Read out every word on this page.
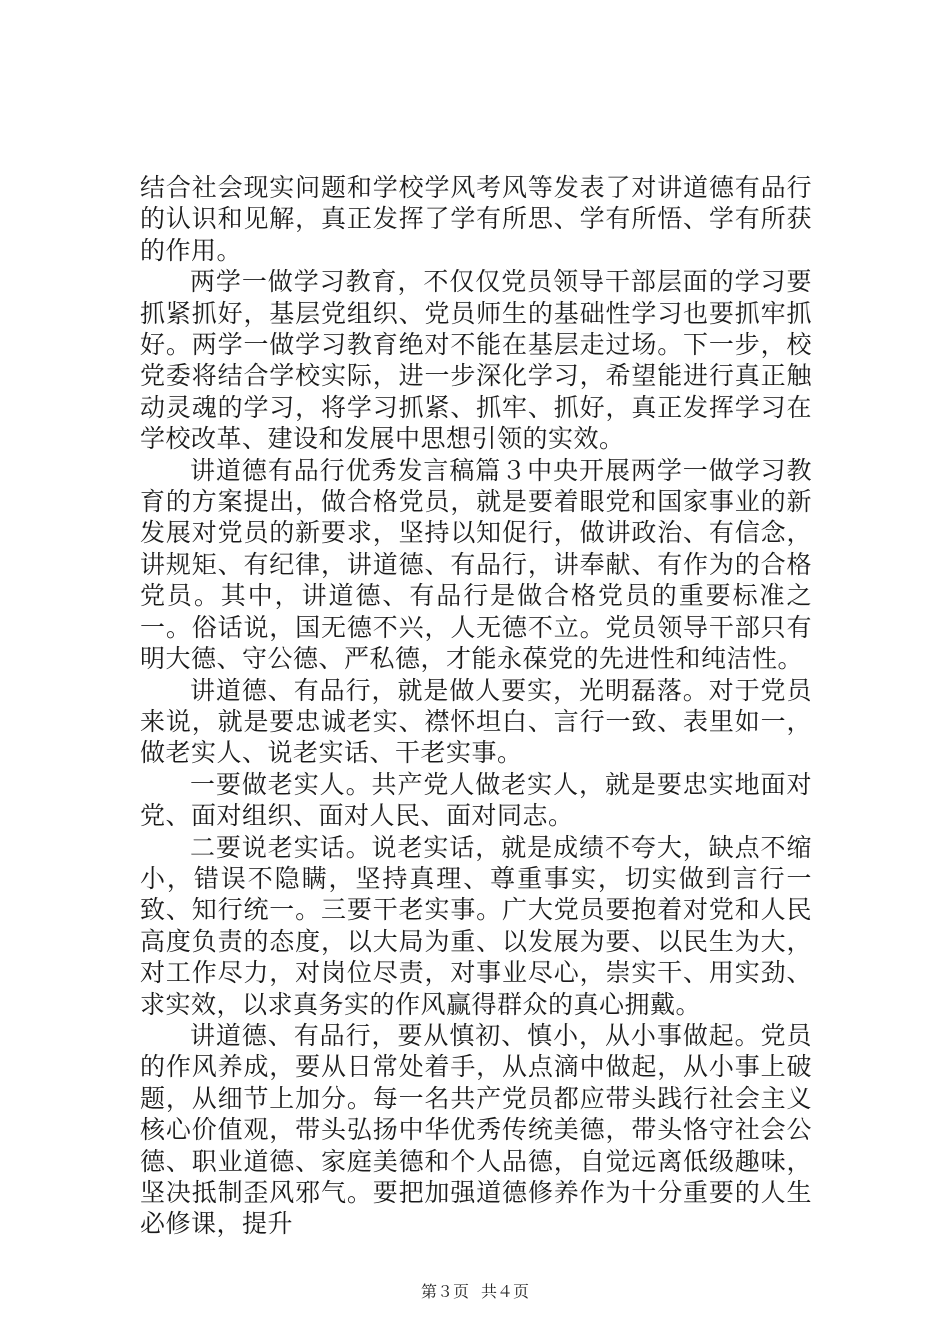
结合社会现实问题和学校学风考风等发表了对讲道德有品行的认识和见解，真正发挥了学有所思、学有所悟、学有所获的作用。

两学一做学习教育，不仅仅党员领导干部层面的学习要抓紧抓好，基层党组织、党员师生的基础性学习也要抓牢抓好。两学一做学习教育绝对不能在基层走过场。下一步，校党委将结合学校实际，进一步深化学习，希望能进行真正触动灵魂的学习，将学习抓紧、抓牢、抓好，真正发挥学习在学校改革、建设和发展中思想引领的实效。

讲道德有品行优秀发言稿篇３中央开展两学一做学习教育的方案提出，做合格党员，就是要着眼党和国家事业的新发展对党员的新要求，坚持以知促行，做讲政治、有信念，讲规矩、有纪律，讲道德、有品行，讲奉献、有作为的合格党员。其中，讲道德、有品行是做合格党员的重要标准之一。俗话说，国无德不兴，人无德不立。党员领导干部只有明大德、守公德、严私德，才能永葆党的先进性和纯洁性。

讲道德、有品行，就是做人要实，光明磊落。对于党员来说，就是要忠诚老实、襟怀坦白、言行一致、表里如一，做老实人、说老实话、干老实事。

一要做老实人。共产党人做老实人，就是要忠实地面对党、面对组织、面对人民、面对同志。

二要说老实话。说老实话，就是成绩不夸大，缺点不缩小，错误不隐瞒，坚持真理、尊重事实，切实做到言行一致、知行统一。三要干老实事。广大党员要抱着对党和人民高度负责的态度，以大局为重、以发展为要、以民生为大，对工作尽力，对岗位尽责，对事业尽心，崇实干、用实劲、求实效，以求真务实的作风赢得群众的真心拥戴。

讲道德、有品行，要从慎初、慎小，从小事做起。党员的作风养成，要从日常处着手，从点滴中做起，从小事上破题，从细节上加分。每一名共产党员都应带头践行社会主义核心价值观，带头弘扬中华优秀传统美德，带头恪守社会公德、职业道德、家庭美德和个人品德，自觉远离低级趣味，坚决抵制歪风邪气。要把加强道德修养作为十分重要的人生必修课，提升

第３页 共４页
